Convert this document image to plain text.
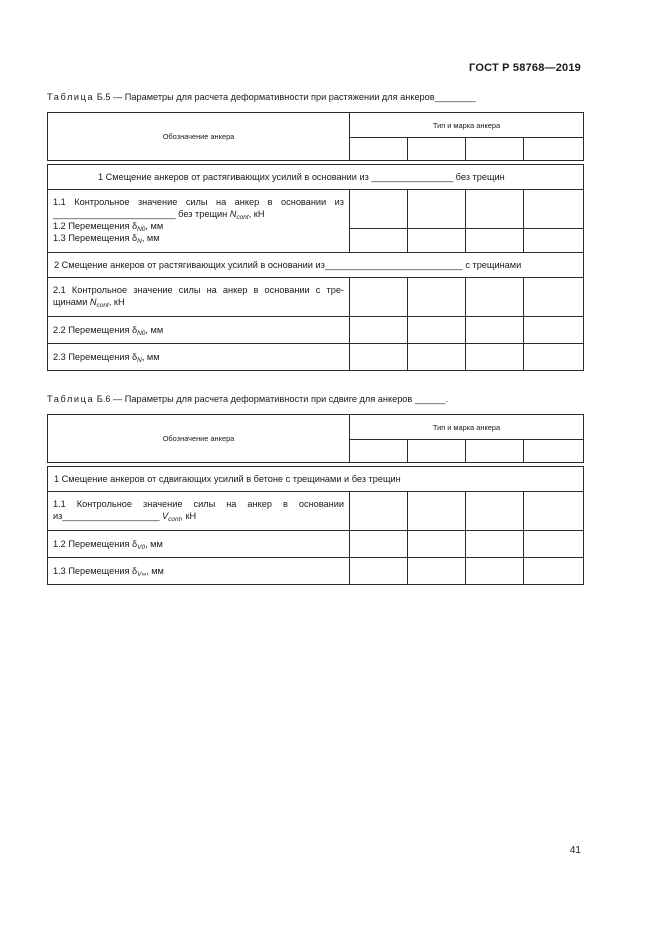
ГОСТ Р 58768—2019
Таблица Б.5 — Параметры для расчета деформативности при растяжении для анкеров________
Обозначение анкера	Тип и марка анкера			

1 Смещение анкеров от растягивающих усилий в основании из ________________ без трещин				

1.1 Контрольное значение силы на анкер в основании из
________________________ без трещин $N_{cont}$, кН
1.2 Перемещения $\delta_{N0}$, мм
1.3 Перемещения $\delta_N$, мм	

2 Смещение анкеров от растягивающих усилий в основании из___________________________ с трещинами				

2.1 Контрольное значение силы на анкер в основании с тре-
щинами $N_{cont}$, кН				
2.2 Перемещения $\delta_{N0}$, мм				
2.3 Перемещения $\delta_N$, мм				
Таблица Б.6 — Параметры для расчета деформативности при сдвиге для анкеров ______.
Обозначение анкера	Тип и марка анкера			

1 Смещение анкеров от сдвигающих усилий в бетоне с трещинами и без трещин				

1.1 Контрольное значение силы на анкер в основании
из___________________ $V_{cont}$, кН				
1.2 Перемещения $\delta_{V0}$, мм				
1.3 Перемещения $\delta_{V\infty}$, мм				
41
